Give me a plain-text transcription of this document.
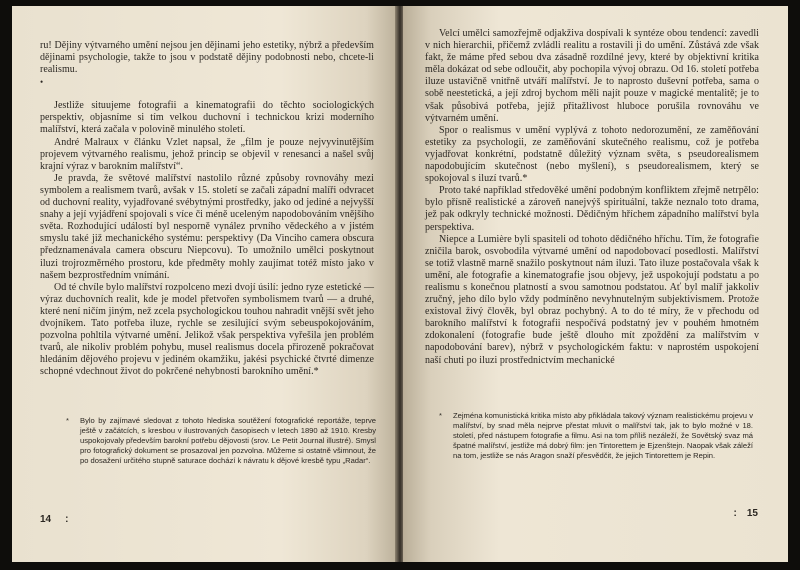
ru! Dějiny výtvarného umění nejsou jen dějinami jeho estetiky, nýbrž a především dějinami psychologie, takže to jsou v podstatě dějiny podobnosti nebo, chcete-li realismu.

•

Jestliže situujeme fotografii a kinematografii do těchto sociologických perspektiv, objasníme si tím velkou duchovní i technickou krizi moderního malířství, která začala v polovině minulého století.

André Malraux v článku Vzlet napsal, že „film je pouze nejvyvinutějším projevem výtvarného realismu, jehož princip se objevil v renesanci a našel svůj krajní výraz v barokním malířství“.

Je pravda, že světové malířství nastolilo různé způsoby rovnováhy mezi symbolem a realismem tvarů, avšak v 15. století se začali západní malíři odvracet od duchovní reality, vyjadřované svébytnými prostředky, jako od jediné a nejvyšší snahy a její vyjádření spojovali s více či méně uceleným napodobováním vnějšího světa. Rozhodující událostí byl nesporně vynález prvního vědeckého a v jistém smyslu také již mechanického systému: perspektivy (Da Vinciho camera obscura předznamenávala camera obscuru Niepcovu). To umožnilo umělci poskytnout iluzi trojrozměrného prostoru, kde předměty mohly zaujímat totéž místo jako v našem bezprostředním vnímání.

Od té chvíle bylo malířství rozpolceno mezi dvojí úsilí: jedno ryze estetické — výraz duchovních realit, kde je model přetvořen symbolismem tvarů — a druhé, které není ničím jiným, než zcela psychologickou touhou nahradit vnější svět jeho dvojníkem. Tato potřeba iluze, rychle se zesilující svým sebeuspokojováním, pozvolna pohltila výtvarné umění. Jelikož však perspektiva vyřešila jen problém tvarů, ale nikoliv problém pohybu, musel realismus docela přirozeně pokračovat hledáním dějového projevu v jediném okamžiku, jakési psychické čtvrté dimenze schopné vdechnout život do pokrčené nehybnosti barokního umění.*

* Bylo by zajímavé sledovat z tohoto hlediska soutěžení fotografické reportáže, teprve ještě v začátcích, s kresbou v ilustrovaných časopisech v letech 1890 až 1910. Kresby uspokojovaly především barokní potřebu dějovosti (srov. Le Petit Journal illustré). Smysl pro fotografický dokument se prosazoval jen pozvolna. Můžeme si ostatně všimnout, že po dosažení určitého stupně saturace dochází k návratu k dějové kresbě typu „Radar“.
14 :

Velcí umělci samozřejmě odjakživa dospívali k syntéze obou tendencí: zavedli v nich hierarchii, přičemž zvládli realitu a rostavili ji do umění. Zůstává zde však fakt, že máme před sebou dva zásadně rozdílné jevy, které by objektivní kritika měla dokázat od sebe odloučit, aby pochopila vývoj obrazu. Od 16. století potřeba iluze ustavičně vnitřně utváří malířství. Je to naprosto duševní potřeba, sama o sobě neestetická, a její zdroj bychom měli najít pouze v magické mentalitě; je to však působivá potřeba, jejíž přitažlivost hluboce porušila rovnováhu ve výtvarném umění.

Spor o realismus v umění vyplývá z tohoto nedorozumění, ze zaměňování estetiky za psychologii, ze zaměňování skutečného realismu, což je potřeba vyjadřovat konkrétní, podstatně důležitý význam světa, s pseudorealismem napodobujícím skutečnost (nebo myšlení), s pseudorealismem, který se spokojoval s iluzí tvarů.*

Proto také například středověké umění podobným konfliktem zřejmě netrpělo: bylo přísně realistické a zároveň nanejvýš spirituální, takže neznalo toto drama, jež pak odkryly technické možnosti. Dědičným hříchem západního malířství byla perspektiva.

Niepce a Lumière byli spasiteli od tohoto dědičného hříchu. Tím, že fotografie zničila barok, osvobodila výtvarné umění od napodobovací posedlosti. Malířství se totiž vlastně marně snažilo poskytnout nám iluzi. Tato iluze postačovala však k umění, ale fotografie a kinematografie jsou objevy, jež uspokojují podstatu a po realismu s konečnou platností a svou samotnou podstatou. Ať byl malíř jakkoliv zručný, jeho dílo bylo vždy podmíněno nevyhnutelným subjektivismem. Protože existoval živý člověk, byl obraz pochybný. A to do té míry, že v přechodu od barokního malířství k fotografii nespočívá podstatný jev v pouhém hmotném zdokonalení (fotografie bude ještě dlouho mít zpoždění za malířstvím v napodobování barev), nýbrž v psychologickém faktu: v naprostém uspokojení naší chuti po iluzi prostřednictvím mechanické

* Zejména komunistická kritika místo aby přikládala takový význam realistickému projevu v malířství, by snad měla nejprve přestat mluvit o malířství tak, jak to bylo možné v 18. století, před nástupem fotografie a filmu. Asi na tom příliš nezáleží, že Sovětský svaz má špatné malířství, jestliže má dobrý film: jen Tintorettem je Ejzenštejn. Naopak však záleží na tom, jestliže se nás Aragon snaží přesvědčit, že jejich Tintorettem je Repin.
: 15
